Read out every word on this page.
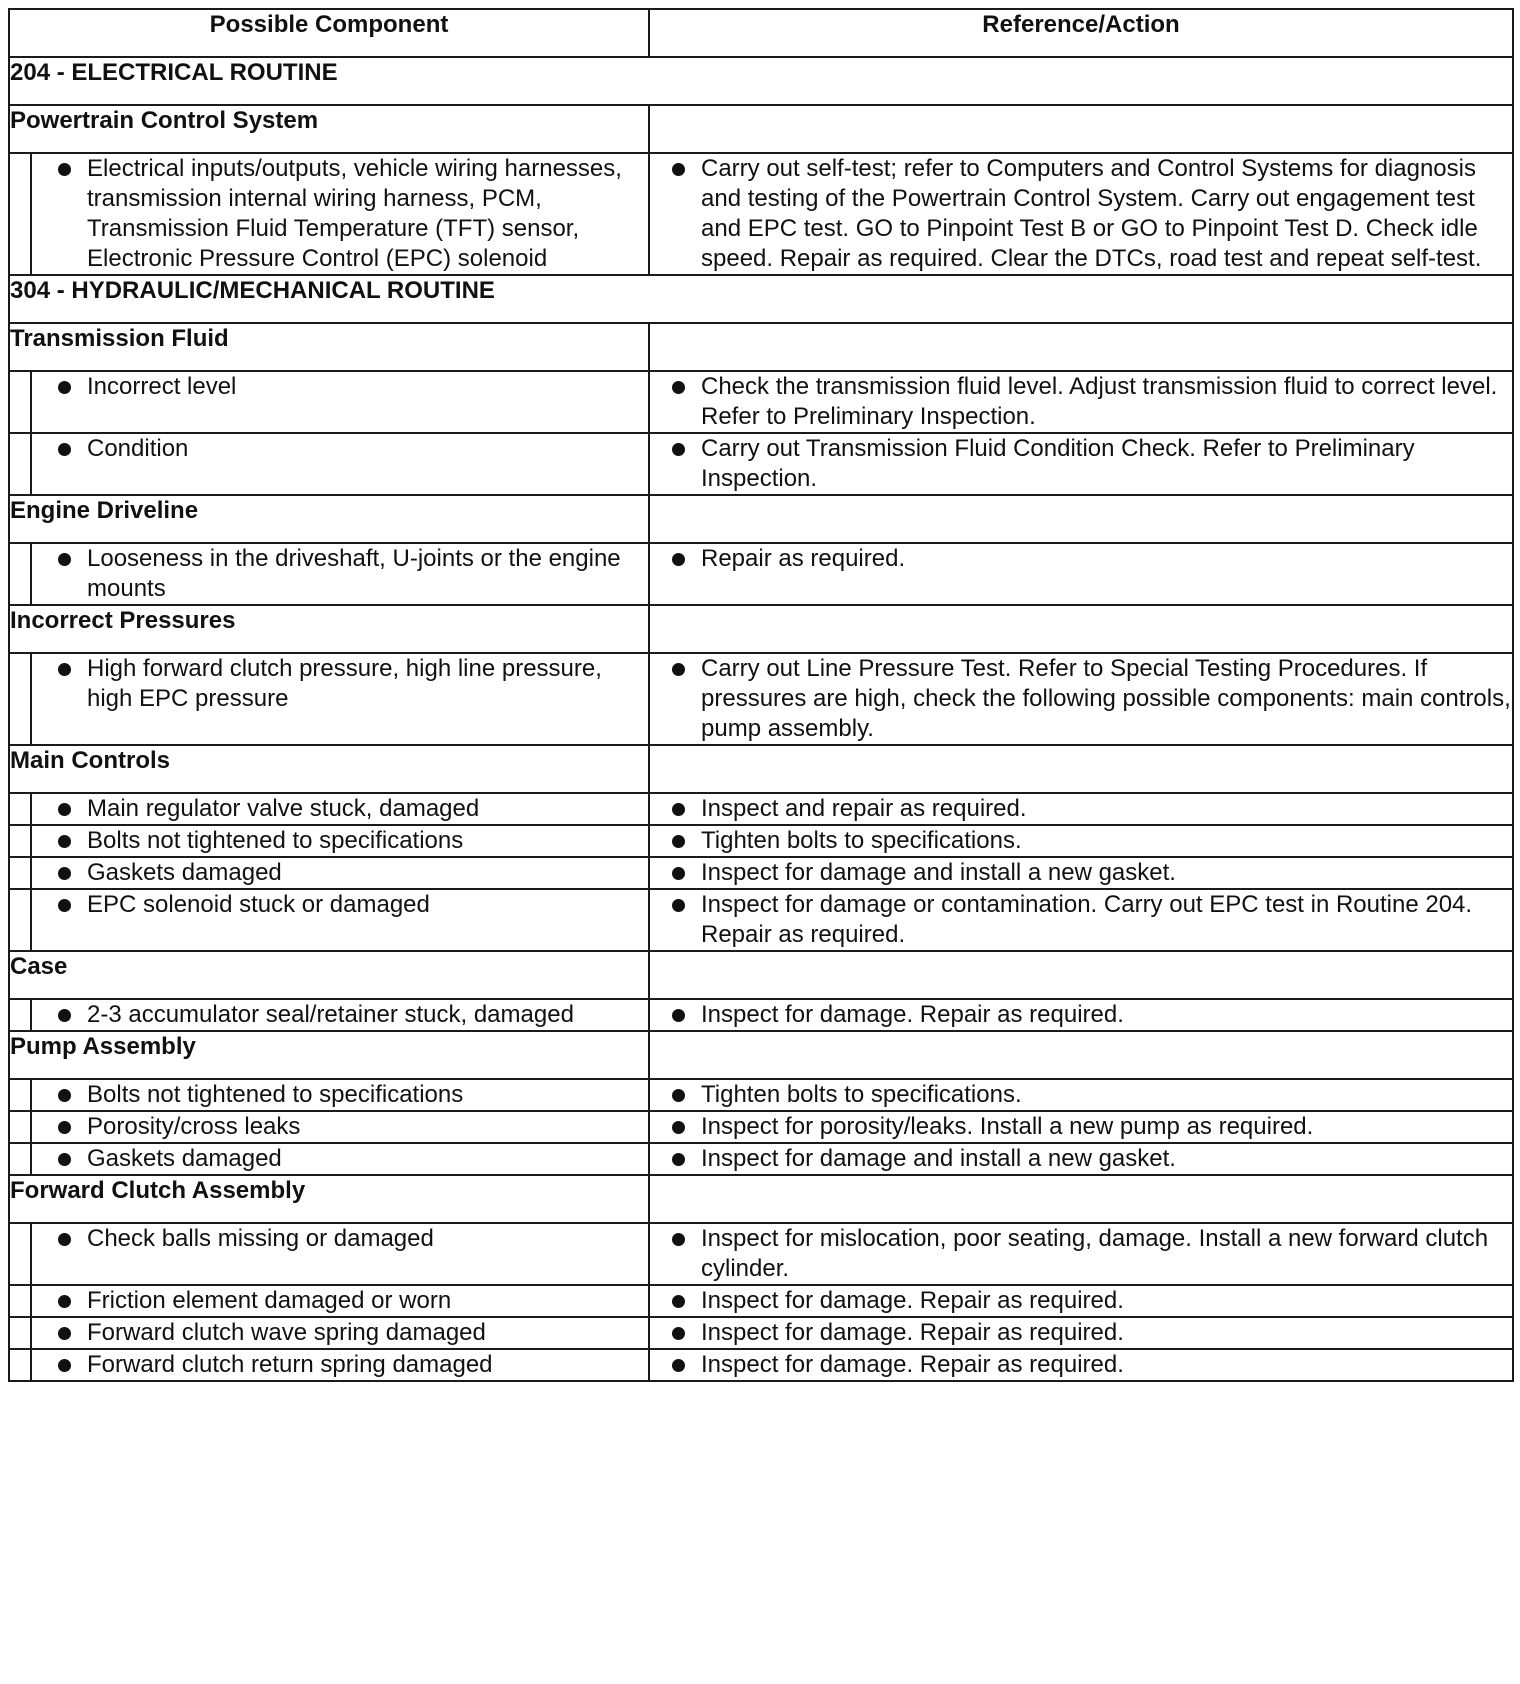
Possible Component		Reference/Action
204 - ELECTRICAL ROUTINE		
Powertrain Control System		

	Electrical inputs/outputs, vehicle wiring harnesses, transmission internal wiring harness, PCM, Transmission Fluid Temperature (TFT) sensor, Electronic Pressure Control (EPC) solenoid	Carry out self-test; refer to Computers and Control Systems for diagnosis and testing of the Powertrain Control System. Carry out engagement test and EPC test. GO to Pinpoint Test B or GO to Pinpoint Test D. Check idle speed. Repair as required. Clear the DTCs, road test and repeat self-test.

304 - HYDRAULIC/MECHANICAL ROUTINE		
Transmission Fluid		

	Incorrect level	Check the transmission fluid level. Adjust transmission fluid to correct level. Refer to Preliminary Inspection.

	Condition	Carry out Transmission Fluid Condition Check. Refer to Preliminary Inspection.

Engine Driveline		

	Looseness in the driveshaft, U-joints or the engine mounts	Repair as required.

Incorrect Pressures		

	High forward clutch pressure, high line pressure, high EPC pressure	Carry out Line Pressure Test. Refer to Special Testing Procedures. If pressures are high, check the following possible components: main controls, pump assembly.

Main Controls		

	Main regulator valve stuck, damaged	Inspect and repair as required.

	Bolts not tightened to specifications	Tighten bolts to specifications.

	Gaskets damaged	Inspect for damage and install a new gasket.

	EPC solenoid stuck or damaged	Inspect for damage or contamination. Carry out EPC test in Routine 204. Repair as required.

Case		

	2-3 accumulator seal/retainer stuck, damaged	Inspect for damage. Repair as required.

Pump Assembly		

	Bolts not tightened to specifications	Tighten bolts to specifications.

	Porosity/cross leaks	Inspect for porosity/leaks. Install a new pump as required.

	Gaskets damaged	Inspect for damage and install a new gasket.

Forward Clutch Assembly		

	Check balls missing or damaged	Inspect for mislocation, poor seating, damage. Install a new forward clutch cylinder.

	Friction element damaged or worn	Inspect for damage. Repair as required.

	Forward clutch wave spring damaged	Inspect for damage. Repair as required.

	Forward clutch return spring damaged	Inspect for damage. Repair as required.
